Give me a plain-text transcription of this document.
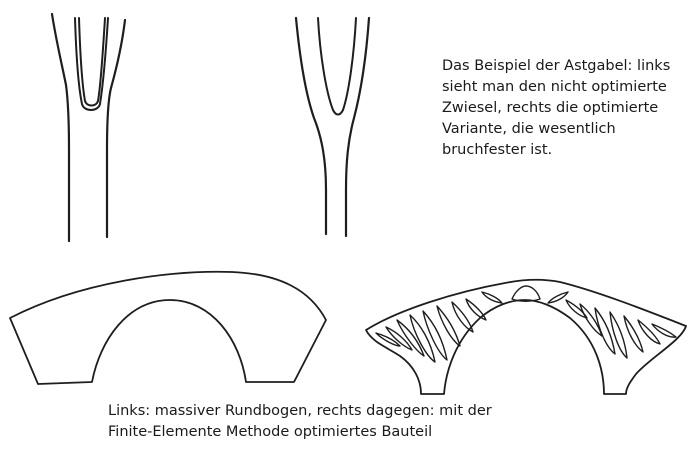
Das Beispiel der Astgabel: links
sieht man den nicht optimierte
Zwiesel, rechts die optimierte
Variante, die wesentlich
bruchfester ist.
Links: massiver Rundbogen, rechts dagegen: mit der
Finite-Elemente Methode optimiertes Bauteil
